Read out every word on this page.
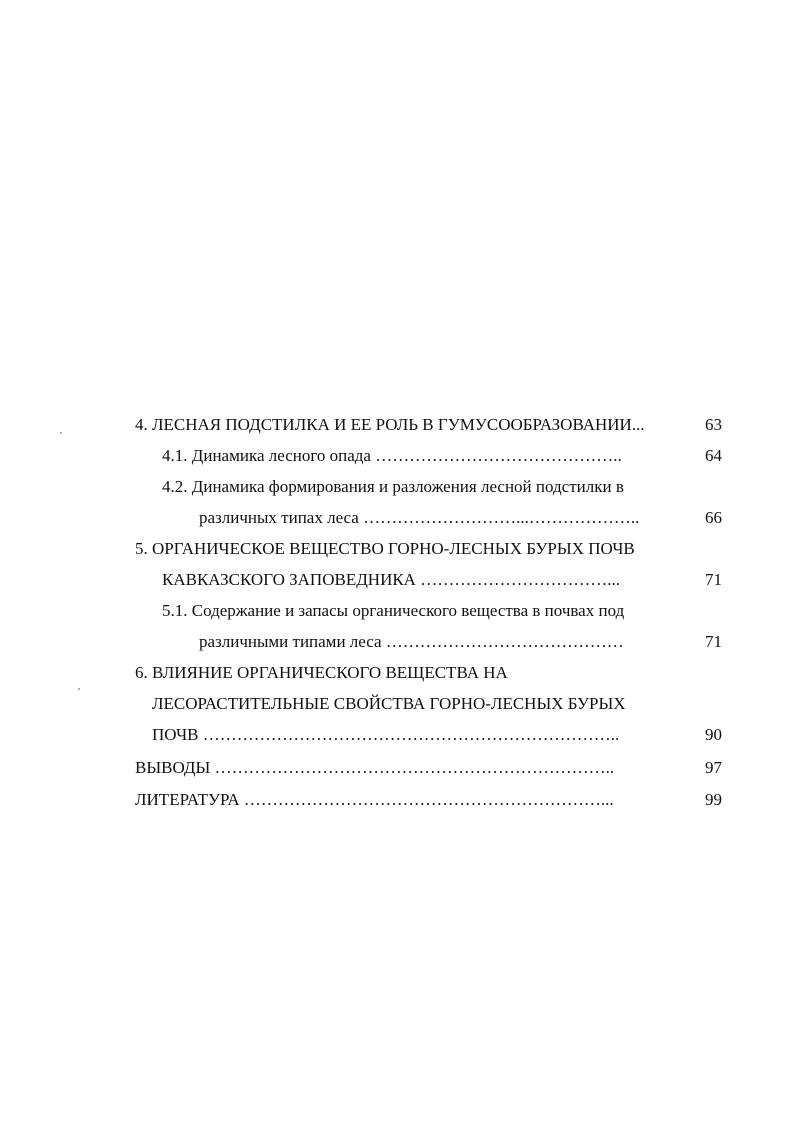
4. ЛЕСНАЯ ПОДСТИЛКА И ЕЕ РОЛЬ В ГУМУСООБРАЗОВАНИИ...	63
4.1. Динамика лесного опада ……………………………………..	64
4.2. Динамика формирования и разложения лесной подстилки в
различных типах леса ………………………...………………..	66
5. ОРГАНИЧЕСКОЕ ВЕЩЕСТВО ГОРНО-ЛЕСНЫХ БУРЫХ ПОЧВ
КАВКАЗСКОГО ЗАПОВЕДНИКА ……………………………...	71
5.1. Содержание и запасы органического вещества в почвах под
различными типами леса ……………………………………	71
6. ВЛИЯНИЕ ОРГАНИЧЕСКОГО ВЕЩЕСТВА НА
ЛЕСОРАСТИТЕЛЬНЫЕ СВОЙСТВА ГОРНО-ЛЕСНЫХ БУРЫХ
ПОЧВ ………………………………………………………………..	90
ВЫВОДЫ ……………………………………………………………..	97
ЛИТЕРАТУРА ………………………………………………………...	99
